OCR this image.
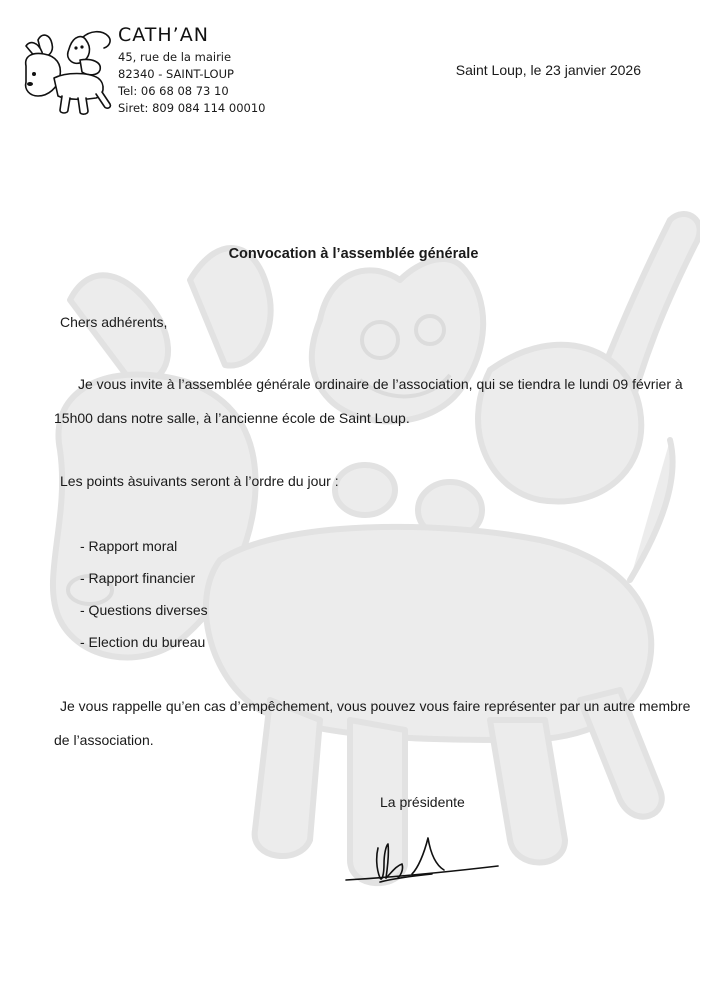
CATH’AN
45, rue de la mairie
82340 - SAINT-LOUP
Tel: 06 68 08 73 10
Siret: 809 084 114 00010
Saint Loup, le 23 janvier 2026
Convocation à l’assemblée générale
Chers adhérents,
Je vous invite à l’assemblée générale ordinaire de l’association, qui se tiendra le lundi 09 février à
15h00 dans notre salle, à l’ancienne école de Saint Loup.
Les points àsuivants seront à l’ordre du jour :
- Rapport moral
- Rapport financier
- Questions diverses
- Election du bureau
Je vous rappelle qu’en cas d’empêchement, vous pouvez vous faire représenter par un autre membre
de l’association.
La présidente
